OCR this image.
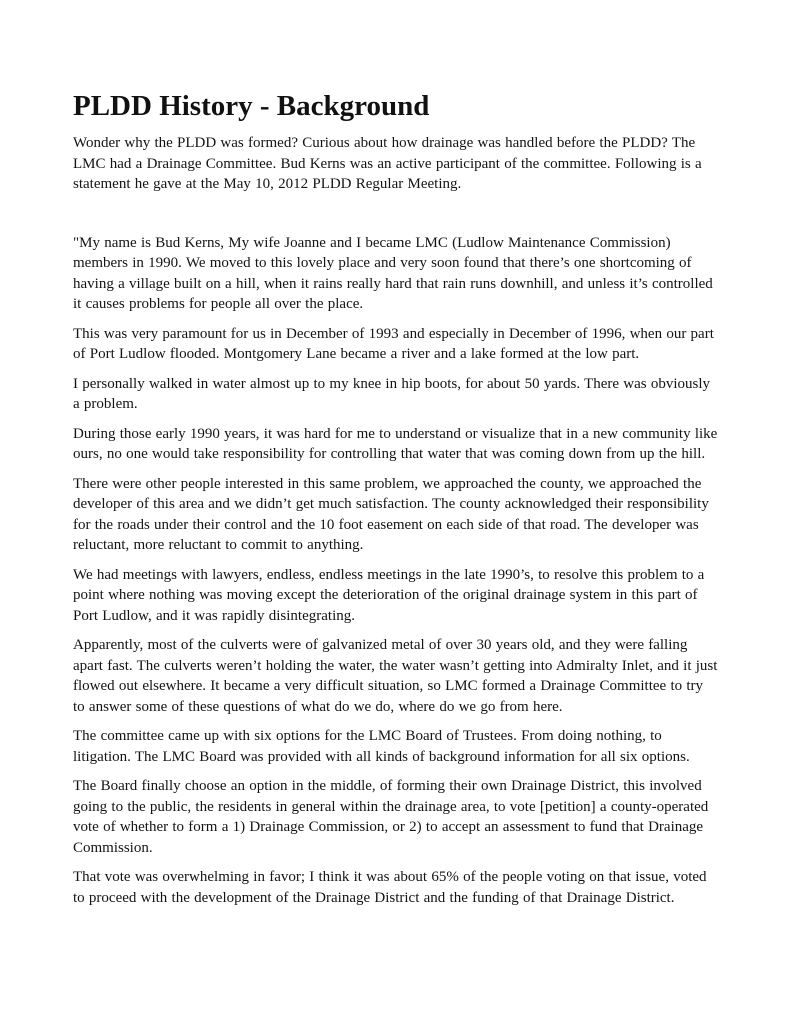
PLDD History - Background

Wonder why the PLDD was formed? Curious about how drainage was handled before the PLDD? The LMC had a Drainage Committee. Bud Kerns was an active participant of the committee. Following is a statement he gave at the May 10, 2012 PLDD Regular Meeting.

"My name is Bud Kerns, My wife Joanne and I became LMC (Ludlow Maintenance Commission) members in 1990. We moved to this lovely place and very soon found that there’s one shortcoming of having a village built on a hill, when it rains really hard that rain runs downhill, and unless it’s controlled it causes problems for people all over the place.

This was very paramount for us in December of 1993 and especially in December of 1996, when our part of Port Ludlow flooded. Montgomery Lane became a river and a lake formed at the low part.

I personally walked in water almost up to my knee in hip boots, for about 50 yards. There was obviously a problem.

During those early 1990 years, it was hard for me to understand or visualize that in a new community like ours, no one would take responsibility for controlling that water that was coming down from up the hill.

There were other people interested in this same problem, we approached the county, we approached the developer of this area and we didn’t get much satisfaction. The county acknowledged their responsibility for the roads under their control and the 10 foot easement on each side of that road. The developer was reluctant, more reluctant to commit to anything.

We had meetings with lawyers, endless, endless meetings in the late 1990’s, to resolve this problem to a point where nothing was moving except the deterioration of the original drainage system in this part of Port Ludlow, and it was rapidly disintegrating.

Apparently, most of the culverts were of galvanized metal of over 30 years old, and they were falling apart fast. The culverts weren’t holding the water, the water wasn’t getting into Admiralty Inlet, and it just flowed out elsewhere. It became a very difficult situation, so LMC formed a Drainage Committee to try to answer some of these questions of what do we do, where do we go from here.

The committee came up with six options for the LMC Board of Trustees. From doing nothing, to litigation. The LMC Board was provided with all kinds of background information for all six options.

The Board finally choose an option in the middle, of forming their own Drainage District, this involved going to the public, the residents in general within the drainage area, to vote [petition] a county-operated vote of whether to form a 1) Drainage Commission, or 2) to accept an assessment to fund that Drainage Commission.

That vote was overwhelming in favor; I think it was about 65% of the people voting on that issue, voted to proceed with the development of the Drainage District and the funding of that Drainage District.
